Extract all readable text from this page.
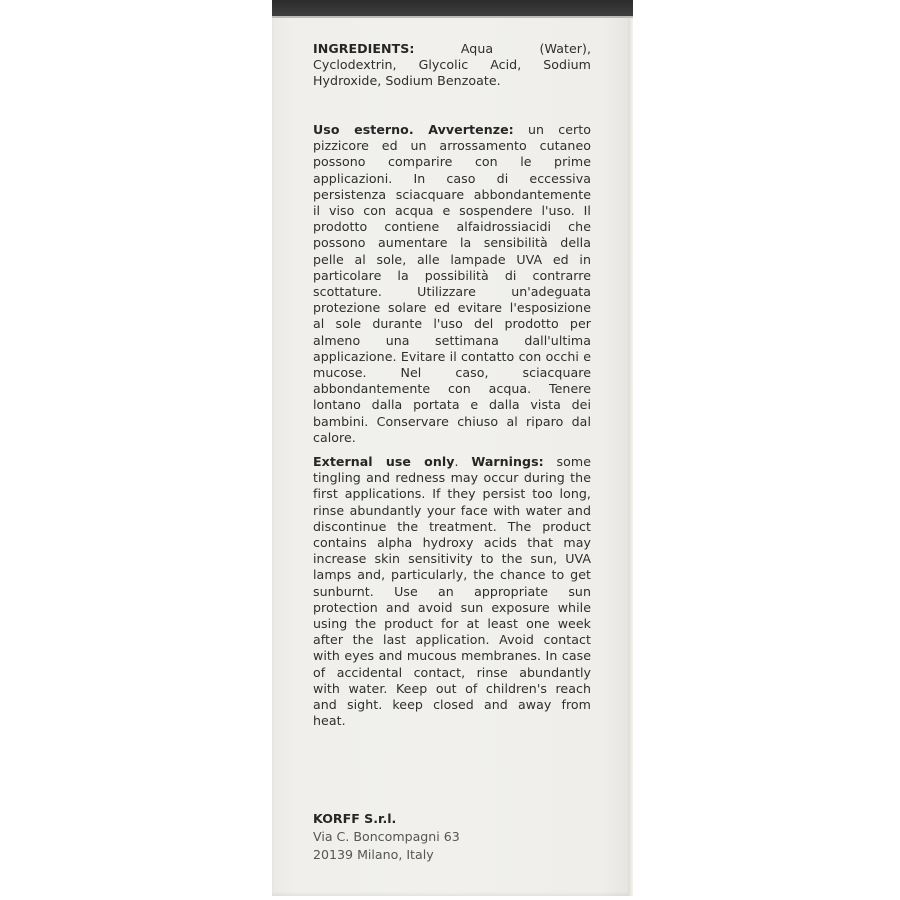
INGREDIENTS: Aqua (Water), Cyclodextrin, Glycolic Acid, Sodium Hydroxide, Sodium Benzoate.
Uso esterno. Avvertenze: un certo pizzicore ed un arrossamento cutaneo possono comparire con le prime applicazioni. In caso di eccessiva persistenza sciacquare abbondantemente il viso con acqua e sospendere l'uso. Il prodotto contiene alfaidrossiacidi che possono aumentare la sensibilità della pelle al sole, alle lampade UVA ed in particolare la possibilità di contrarre scottature. Utilizzare un'adeguata protezione solare ed evitare l'esposizione al sole durante l'uso del prodotto per almeno una settimana dall'ultima applicazione. Evitare il contatto con occhi e mucose. Nel caso, sciacquare abbondantemente con acqua. Tenere lontano dalla portata e dalla vista dei bambini. Conservare chiuso al riparo dal calore.
External use only. Warnings: some tingling and redness may occur during the first applications. If they persist too long, rinse abundantly your face with water and discontinue the treatment. The product contains alpha hydroxy acids that may increase skin sensitivity to the sun, UVA lamps and, particularly, the chance to get sunburnt. Use an appropriate sun protection and avoid sun exposure while using the product for at least one week after the last application. Avoid contact with eyes and mucous membranes. In case of accidental contact, rinse abundantly with water. Keep out of children's reach and sight. keep closed and away from heat.
KORFF S.r.l.
Via C. Boncompagni 63
20139 Milano, Italy
